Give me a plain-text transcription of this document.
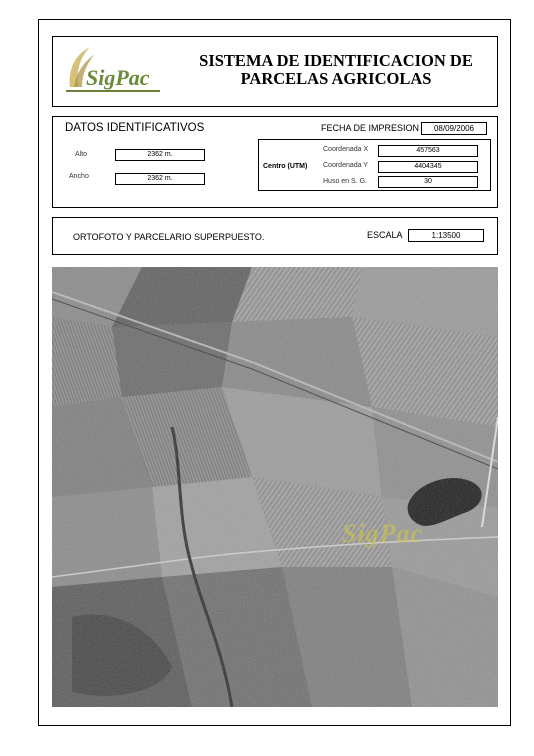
SigPac
SISTEMA DE IDENTIFICACION DE
PARCELAS AGRICOLAS
DATOS IDENTIFICATIVOS	FECHA DE IMPRESION	08/09/2006
Alto	2362 m.
Ancho	2362 m.
Centro (UTM)
Coordenada X	457563
Coordenada Y	4404345
Huso en S. G.	30
ORTOFOTO Y PARCELARIO SUPERPUESTO.	ESCALA	1:13500
SigPac
